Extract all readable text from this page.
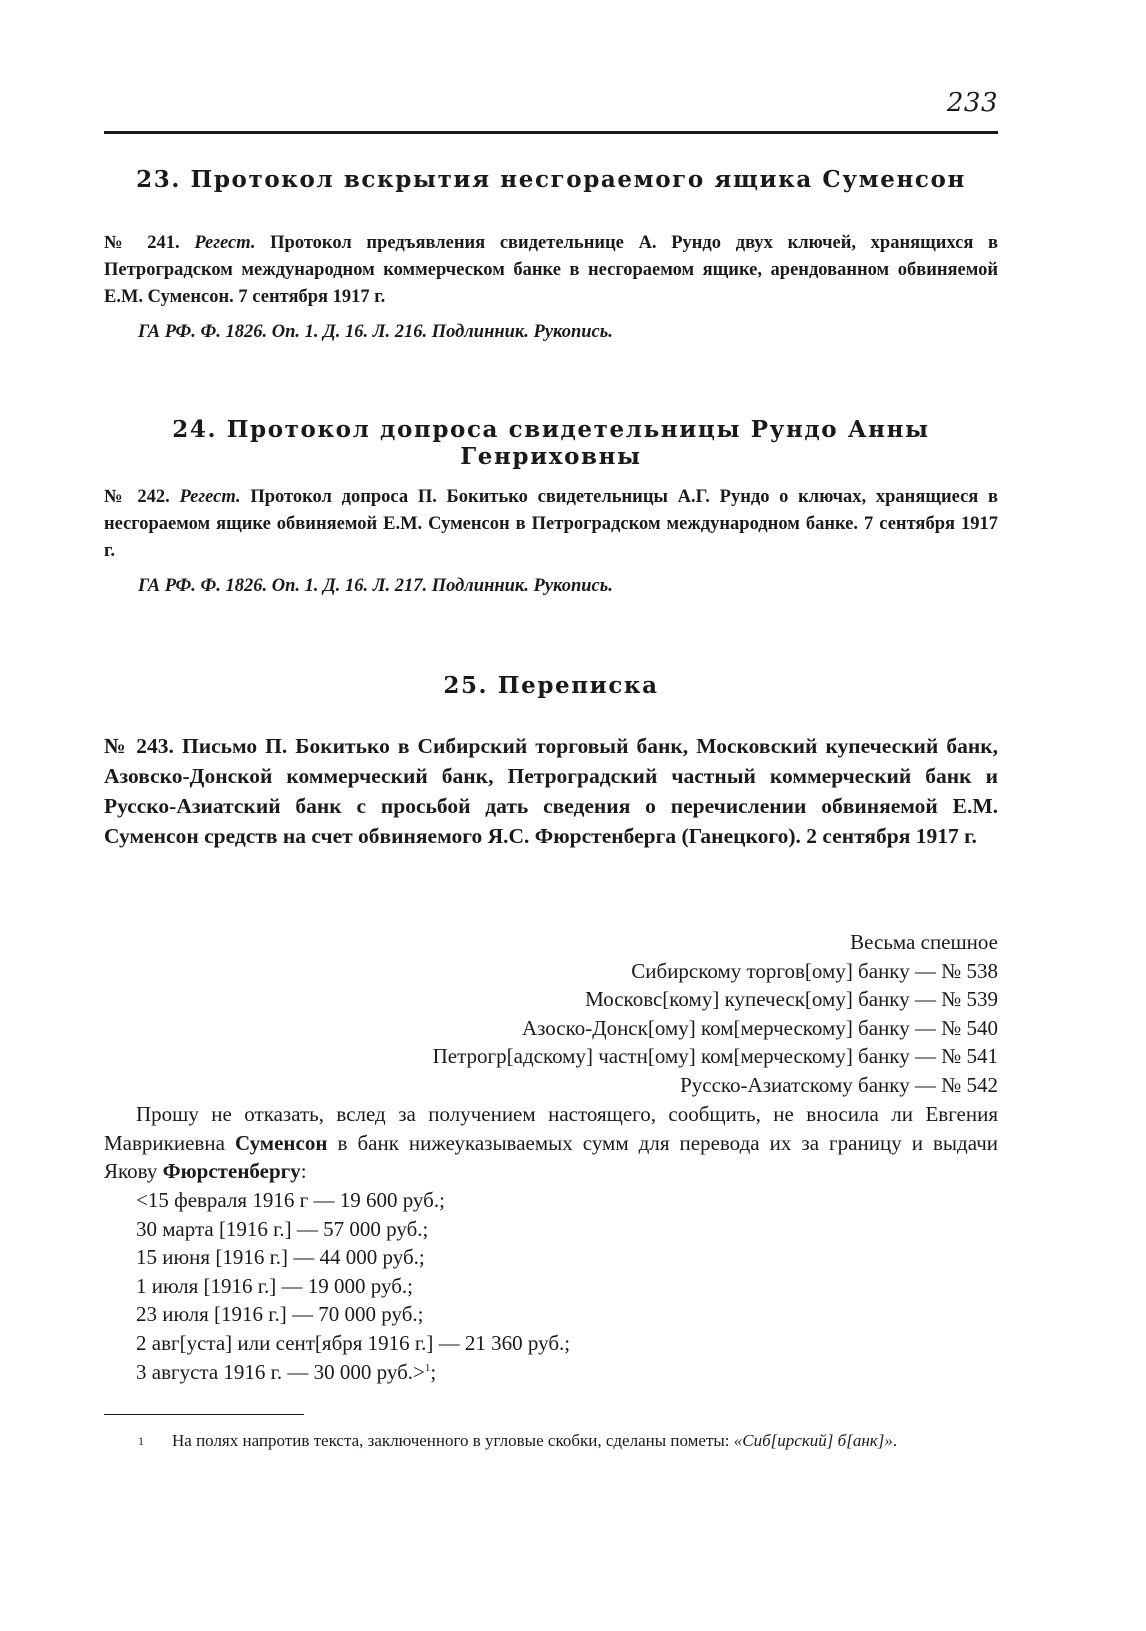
233
23. Протокол вскрытия несгораемого ящика Суменсон
№ 241. Регест. Протокол предъявления свидетельнице А. Рундо двух ключей, хранящихся в Петроградском международном коммерческом банке в несгораемом ящике, арендованном обвиняемой Е.М. Суменсон. 7 сентября 1917 г.
ГА РФ. Ф. 1826. Оп. 1. Д. 16. Л. 216. Подлинник. Рукопись.
24. Протокол допроса свидетельницы Рундо Анны Генриховны
№ 242. Регест. Протокол допроса П. Бокитько свидетельницы А.Г. Рундо о ключах, хранящиеся в несгораемом ящике обвиняемой Е.М. Суменсон в Петроградском международном банке. 7 сентября 1917 г.
ГА РФ. Ф. 1826. Оп. 1. Д. 16. Л. 217. Подлинник. Рукопись.
25. Переписка
№ 243. Письмо П. Бокитько в Сибирский торговый банк, Московский купеческий банк, Азовско-Донской коммерческий банк, Петроградский частный коммерческий банк и Русско-Азиатский банк с просьбой дать сведения о перечислении обвиняемой Е.М. Суменсон средств на счет обвиняемого Я.С. Фюрстенберга (Ганецкого). 2 сентября 1917 г.
Весьма спешное
Сибирскому торгов[ому] банку — № 538
Московс[кому] купеческ[ому] банку — № 539
Азоско-Донск[ому] ком[мерческому] банку — № 540
Петрогр[адскому] частн[ому] ком[мерческому] банку — № 541
Русско-Азиатскому банку — № 542
Прошу не отказать, вслед за получением настоящего, сообщить, не вносила ли Евгения Маврикиевна Суменсон в банк нижеуказываемых сумм для перевода их за границу и выдачи Якову Фюрстенбергу:
<15 февраля 1916 г — 19 600 руб.;
30 марта [1916 г.] — 57 000 руб.;
15 июня [1916 г.] — 44 000 руб.;
1 июля [1916 г.] — 19 000 руб.;
23 июля [1916 г.] — 70 000 руб.;
2 авг[уста] или сент[ября 1916 г.] — 21 360 руб.;
3 августа 1916 г. — 30 000 руб.>$^1$;
1 На полях напротив текста, заключенного в угловые скобки, сделаны пометы: «Сиб[ирский] б[анк]».
